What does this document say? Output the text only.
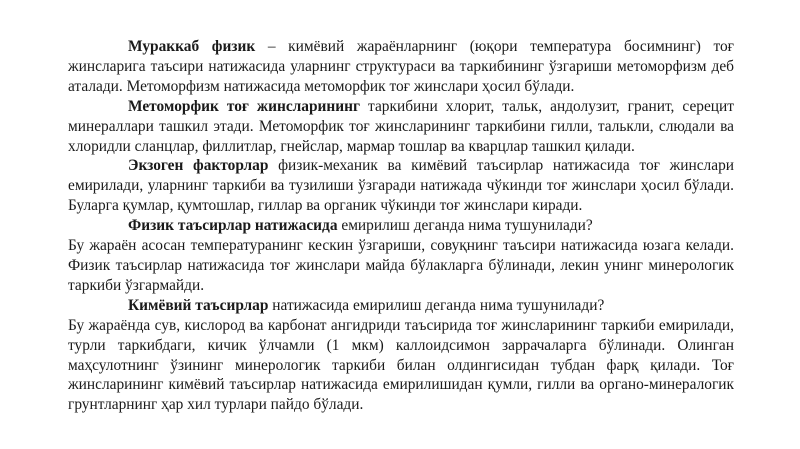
Мураккаб физик – кимёвий жараёнларнинг (юқори температура босимнинг) тоғ жинсларига таъсири натижасида уларнинг структураси ва таркибининг ўзгариши метоморфизм деб аталади. Метоморфизм натижасида метоморфик тоғ жинслари ҳосил бўлади.

Метоморфик тоғ жинсларининг таркибини хлорит, тальк, андолузит, гранит, серецит минераллари ташкил этади. Метоморфик тоғ жинсларининг таркибини гилли, талькли, слюдали ва хлоридли сланцлар, филлитлар, гнейслар, мармар тошлар ва кварцлар ташкил қилади.

Экзоген факторлар физик-механик ва кимёвий таъсирлар натижасида тоғ жинслари емирилади, уларнинг таркиби ва тузилиши ўзгаради натижада чўкинди тоғ жинслари ҳосил бўлади. Буларга қумлар, қумтошлар, гиллар ва органик чўкинди тоғ жинслари киради.

Физик таъсирлар натижасида емирилиш деганда нима тушунилади?

Бу жараён асосан температуранинг кескин ўзгариши, совуқнинг таъсири натижасида юзага келади. Физик таъсирлар натижасида тоғ жинслари майда бўлакларга бўлинади, лекин унинг минерологик таркиби ўзгармайди.

Кимёвий таъсирлар натижасида емирилиш деганда нима тушунилади?

Бу жараёнда сув, кислород ва карбонат ангидриди таъсирида тоғ жинсларининг таркиби емирилади, турли таркибдаги, кичик ўлчамли (1 мкм) каллоидсимон заррачаларга бўлинади. Олинган маҳсулотнинг ўзининг минерологик таркиби билан олдингисидан тубдан фарқ қилади. Тоғ жинсларининг кимёвий таъсирлар натижасида емирилишидан қумли, гилли ва органо-минералогик грунтларнинг ҳар хил турлари пайдо бўлади.
